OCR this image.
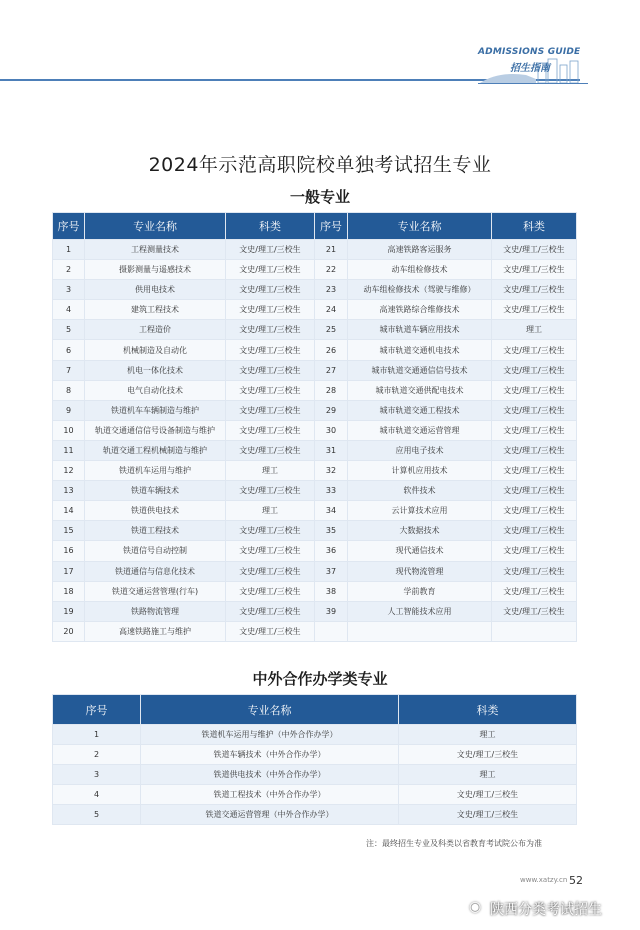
ADMISSIONS GUIDE
招生指南
2024年示范高职院校单独考试招生专业
一般专业
序号	专业名称	科类	序号	专业名称	科类
1	工程测量技术	文史/理工/三校生	21	高速铁路客运服务	文史/理工/三校生
2	摄影测量与遥感技术	文史/理工/三校生	22	动车组检修技术	文史/理工/三校生
3	供用电技术	文史/理工/三校生	23	动车组检修技术（驾驶与维修）	文史/理工/三校生
4	建筑工程技术	文史/理工/三校生	24	高速铁路综合维修技术	文史/理工/三校生
5	工程造价	文史/理工/三校生	25	城市轨道车辆应用技术	理工
6	机械制造及自动化	文史/理工/三校生	26	城市轨道交通机电技术	文史/理工/三校生
7	机电一体化技术	文史/理工/三校生	27	城市轨道交通通信信号技术	文史/理工/三校生
8	电气自动化技术	文史/理工/三校生	28	城市轨道交通供配电技术	文史/理工/三校生
9	铁道机车车辆制造与维护	文史/理工/三校生	29	城市轨道交通工程技术	文史/理工/三校生
10	轨道交通通信信号设备制造与维护	文史/理工/三校生	30	城市轨道交通运营管理	文史/理工/三校生
11	轨道交通工程机械制造与维护	文史/理工/三校生	31	应用电子技术	文史/理工/三校生
12	铁道机车运用与维护	理工	32	计算机应用技术	文史/理工/三校生
13	铁道车辆技术	文史/理工/三校生	33	软件技术	文史/理工/三校生
14	铁道供电技术	理工	34	云计算技术应用	文史/理工/三校生
15	铁道工程技术	文史/理工/三校生	35	大数据技术	文史/理工/三校生
16	铁道信号自动控制	文史/理工/三校生	36	现代通信技术	文史/理工/三校生
17	铁道通信与信息化技术	文史/理工/三校生	37	现代物流管理	文史/理工/三校生
18	铁道交通运营管理(行车)	文史/理工/三校生	38	学前教育	文史/理工/三校生
19	铁路物流管理	文史/理工/三校生	39	人工智能技术应用	文史/理工/三校生
20	高速铁路施工与维护	文史/理工/三校生			
中外合作办学类专业
序号	专业名称	科类
1	铁道机车运用与维护（中外合作办学）	理工
2	铁道车辆技术（中外合作办学）	文史/理工/三校生
3	铁道供电技术（中外合作办学）	理工
4	铁道工程技术（中外合作办学）	文史/理工/三校生
5	铁道交通运营管理（中外合作办学）	文史/理工/三校生
注：最终招生专业及科类以省教育考试院公布为准
www.xatzy.cn 52
◉ 陕西分类考试招生
